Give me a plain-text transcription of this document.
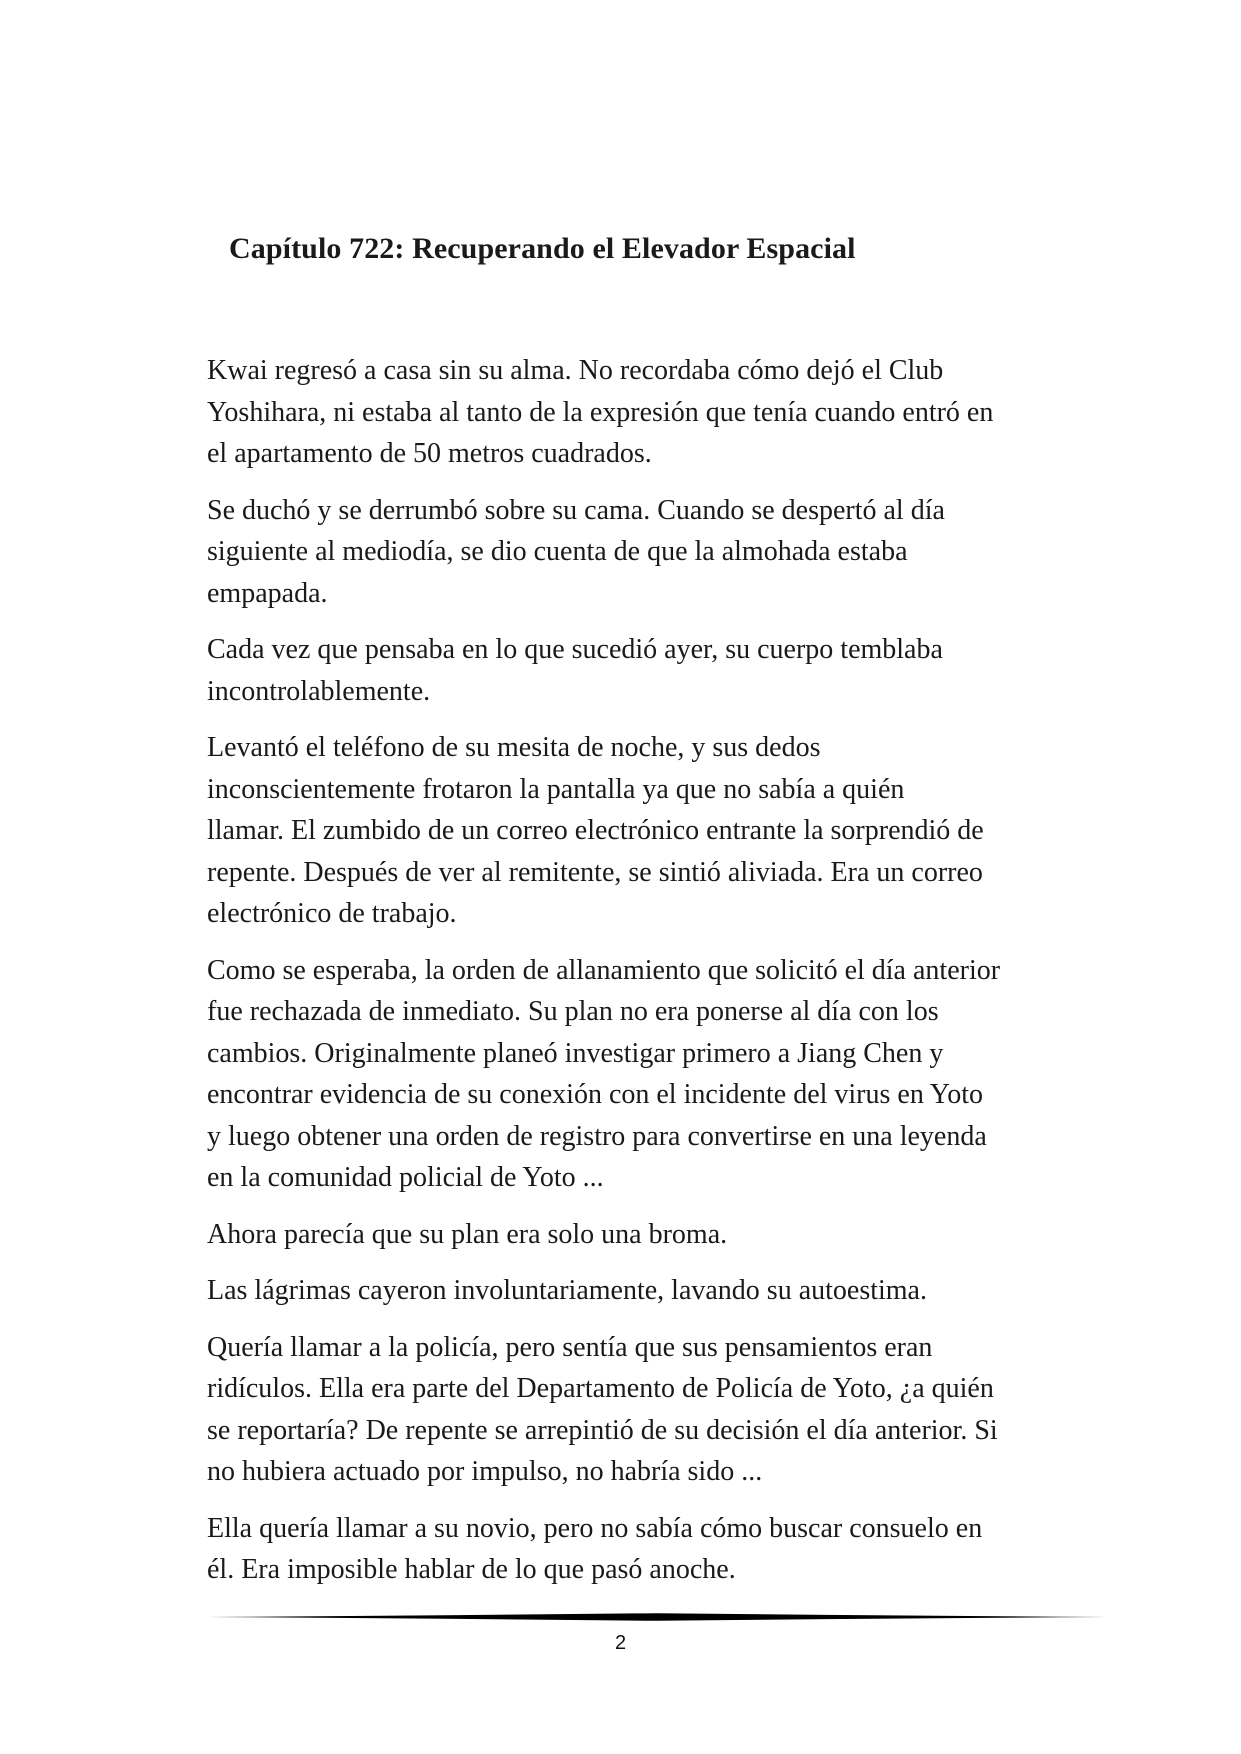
Capítulo 722: Recuperando el Elevador Espacial
Kwai regresó a casa sin su alma. No recordaba cómo dejó el Club
Yoshihara, ni estaba al tanto de la expresión que tenía cuando entró en
el apartamento de 50 metros cuadrados.
Se duchó y se derrumbó sobre su cama. Cuando se despertó al día
siguiente al mediodía, se dio cuenta de que la almohada estaba
empapada.
Cada vez que pensaba en lo que sucedió ayer, su cuerpo temblaba
incontrolablemente.
Levantó el teléfono de su mesita de noche, y sus dedos
inconscientemente frotaron la pantalla ya que no sabía a quién
llamar. El zumbido de un correo electrónico entrante la sorprendió de
repente. Después de ver al remitente, se sintió aliviada. Era un correo
electrónico de trabajo.
Como se esperaba, la orden de allanamiento que solicitó el día anterior
fue rechazada de inmediato. Su plan no era ponerse al día con los
cambios. Originalmente planeó investigar primero a Jiang Chen y
encontrar evidencia de su conexión con el incidente del virus en Yoto
y luego obtener una orden de registro para convertirse en una leyenda
en la comunidad policial de Yoto ...
Ahora parecía que su plan era solo una broma.
Las lágrimas cayeron involuntariamente, lavando su autoestima.
Quería llamar a la policía, pero sentía que sus pensamientos eran
ridículos. Ella era parte del Departamento de Policía de Yoto, ¿a quién
se reportaría? De repente se arrepintió de su decisión el día anterior. Si
no hubiera actuado por impulso, no habría sido ...
Ella quería llamar a su novio, pero no sabía cómo buscar consuelo en
él. Era imposible hablar de lo que pasó anoche.
2
